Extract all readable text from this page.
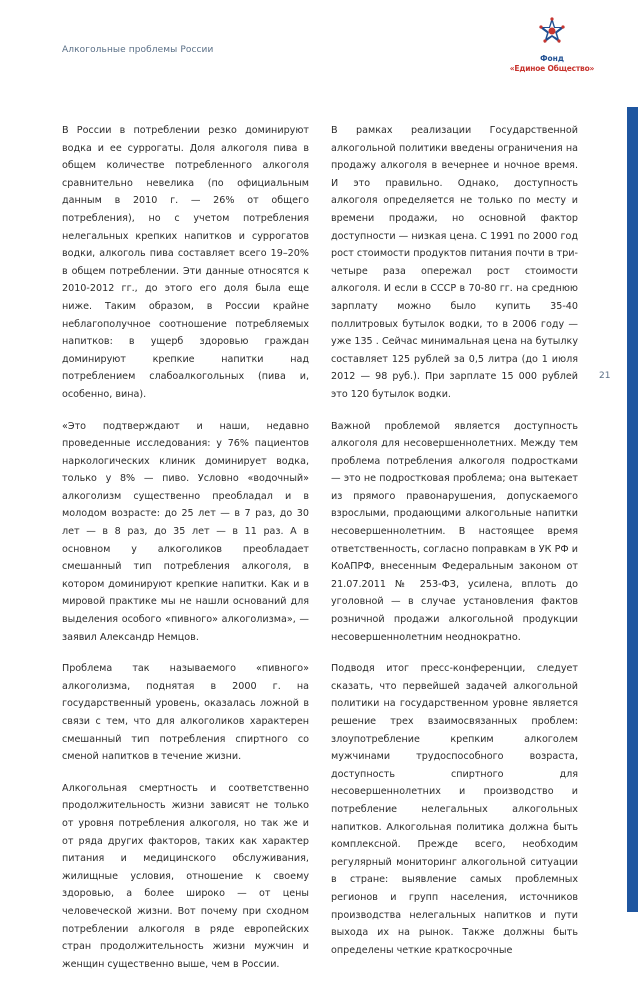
Алкогольные проблемы России
Фонд
«Единое Общество»
21

В России в потреблении резко доминируют водка и ее суррогаты. Доля алкоголя пива в общем количестве потребленного алкоголя сравнительно невелика (по официальным данным в 2010 г. — 26% от общего потребления), но с учетом потребления нелегальных крепких напитков и суррогатов водки, алкоголь пива составляет всего 19–20% в общем потреблении. Эти данные относятся к 2010-2012 гг., до этого его доля была еще ниже. Таким образом, в России крайне неблагополучное соотношение потребляемых напитков: в ущерб здоровью граждан доминируют крепкие напитки над потреблением слабоалкогольных (пива и, особенно, вина).

«Это подтверждают и наши, недавно проведенные исследования: у 76% пациентов наркологических клиник доминирует водка, только у 8% — пиво. Условно «водочный» алкоголизм существенно преобладал и в молодом возрасте: до 25 лет — в 7 раз, до 30 лет — в 8 раз, до 35 лет — в 11 раз. А в основном у алкоголиков преобладает смешанный тип потребления алкоголя, в котором доминируют крепкие напитки. Как и в мировой практике мы не нашли оснований для выделения особого «пивного» алкоголизма», — заявил Александр Немцов.

Проблема так называемого «пивного» алкоголизма, поднятая в 2000 г. на государственный уровень, оказалась ложной в связи с тем, что для алкоголиков характерен смешанный тип потребления спиртного со сменой напитков в течение жизни.

Алкогольная смертность и соответственно продолжительность жизни зависят не только от уровня потребления алкоголя, но так же и от ряда других факторов, таких как характер питания и медицинского обслуживания, жилищные условия, отношение к своему здоровью, а более широко — от цены человеческой жизни. Вот почему при сходном потреблении алкоголя в ряде европейских стран продолжительность жизни мужчин и женщин существенно выше, чем в России.

В рамках реализации Государственной алкогольной политики введены ограничения на продажу алкоголя в вечернее и ночное время. И это правильно. Однако, доступность алкоголя определяется не только по месту и времени продажи, но основной фактор доступности — низкая цена. С 1991 по 2000 год рост стоимости продуктов питания почти в три-четыре раза опережал рост стоимости алкоголя. И если в СССР в 70-80 гг. на среднюю зарплату можно было купить 35-40 поллитровых бутылок водки, то в 2006 году — уже 135 . Сейчас минимальная цена на бутылку составляет 125 рублей за 0,5 литра (до 1 июля 2012 — 98 руб.). При зарплате 15 000 рублей это 120 бутылок водки.

Важной проблемой является доступность алкоголя для несовершеннолетних. Между тем проблема потребления алкоголя подростками — это не подростковая проблема; она вытекает из прямого правонарушения, допускаемого взрослыми, продающими алкогольные напитки несовершеннолетним. В настоящее время ответственность, согласно поправкам в УК РФ и КоАПРФ, внесенным Федеральным законом от 21.07.2011 № 253-ФЗ, усилена, вплоть до уголовной — в случае установления фактов розничной продажи алкогольной продукции несовершеннолетним неоднократно.

Подводя итог пресс-конференции, следует сказать, что первейшей задачей алкогольной политики на государственном уровне является решение трех взаимосвязанных проблем: злоупотребление крепким алкоголем мужчинами трудоспособного возраста, доступность спиртного для несовершеннолетних и производство и потребление нелегальных алкогольных напитков. Алкогольная политика должна быть комплексной. Прежде всего, необходим регулярный мониторинг алкогольной ситуации в стране: выявление самых проблемных регионов и групп населения, источников производства нелегальных напитков и пути выхода их на рынок. Также должны быть определены четкие краткосрочные
